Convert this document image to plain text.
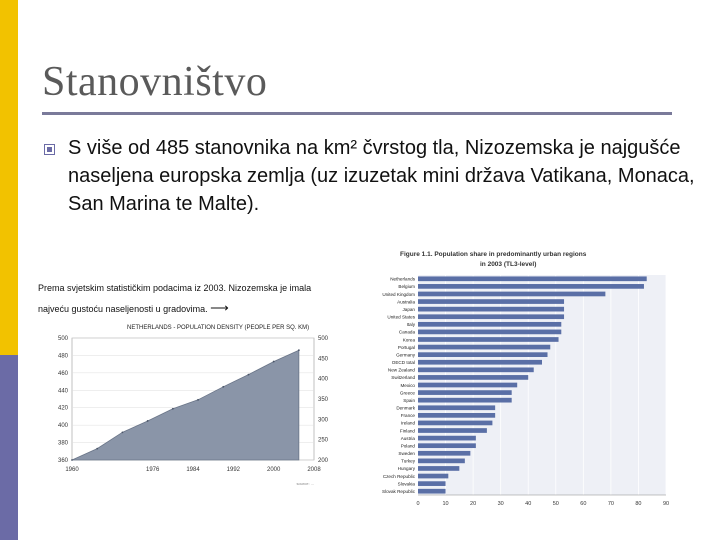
Stanovništvo
S više od 485 stanovnika na km² čvrstog tla, Nizozemska je najgušće naseljena europska zemlja (uz izuzetak mini država Vatikana, Monaca, San Marina te Malte).
Prema svjetskim statističkim podacima iz 2003. Nizozemska je imala
najveću gustoću naseljenosti u gradovima. ⟶
NETHERLANDS - POPULATION DENSITY (PEOPLE PER SQ. KM)
500
480
460
440
420
400
380
360
500
450
400
350
300
250
200
1960	1976	1984	1992	2000	2008
source: ...
Figure 1.1. Population share in predominantly urban regions
in 2003 (TL3-level)
0	10	20	30	40	50	60	70	80	90
Netherlands
Belgium
United Kingdom
Australia
Japan
United States
Italy
Canada
Korea
Portugal
Germany
OECD total
New Zealand
Switzerland
Mexico
Greece
Spain
Denmark
France
Ireland
Finland
Austria
Poland
Sweden
Turkey
Hungary
Czech Republic
Slovakia
Slovak Republic
